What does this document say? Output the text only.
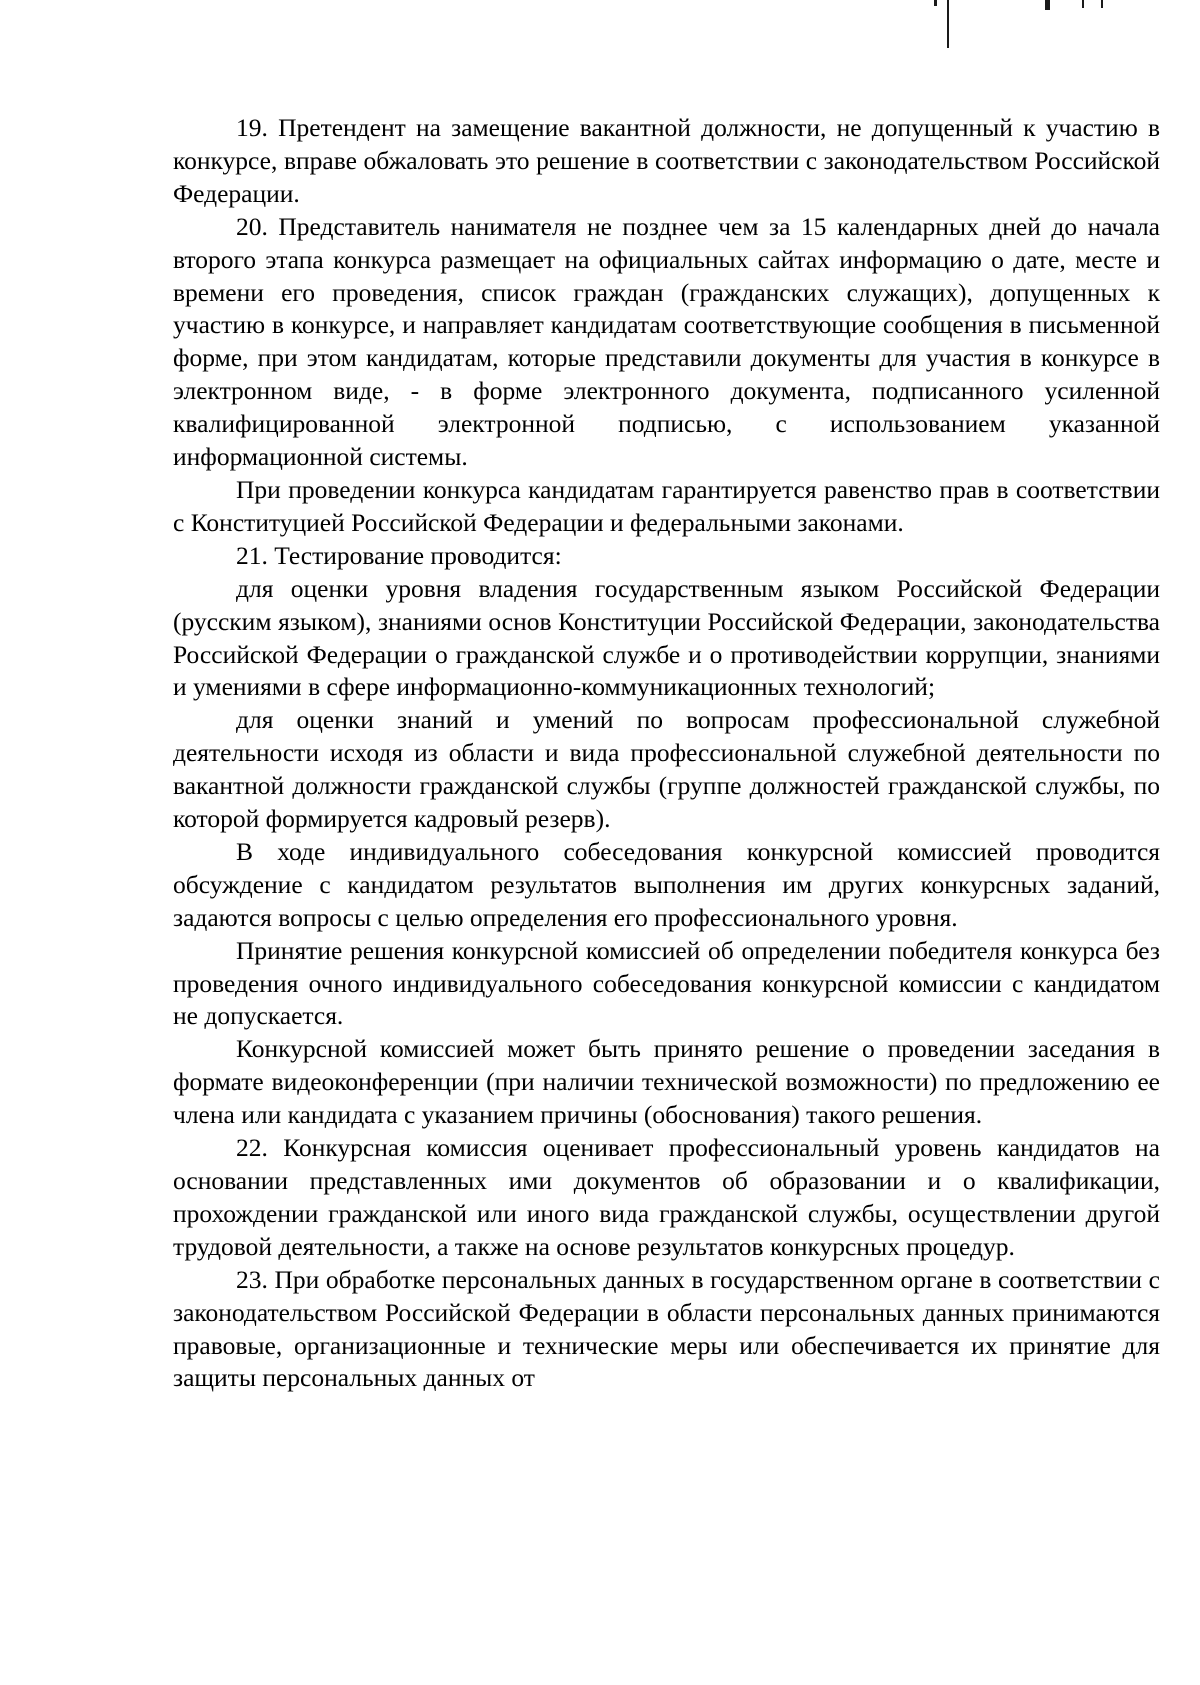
19. Претендент на замещение вакантной должности, не допущенный к участию в конкурсе, вправе обжаловать это решение в соответствии с законодательством Российской Федерации.

20. Представитель нанимателя не позднее чем за 15 календарных дней до начала второго этапа конкурса размещает на официальных сайтах информацию о дате, месте и времени его проведения, список граждан (гражданских служащих), допущенных к участию в конкурсе, и направляет кандидатам соответствующие сообщения в письменной форме, при этом кандидатам, которые представили документы для участия в конкурсе в электронном виде, - в форме электронного документа, подписанного усиленной квалифицированной электронной подписью, с использованием указанной информационной системы.

При проведении конкурса кандидатам гарантируется равенство прав в соответствии с Конституцией Российской Федерации и федеральными законами.

21. Тестирование проводится:

для оценки уровня владения государственным языком Российской Федерации (русским языком), знаниями основ Конституции Российской Федерации, законодательства Российской Федерации о гражданской службе и о противодействии коррупции, знаниями и умениями в сфере информационно-коммуникационных технологий;

для оценки знаний и умений по вопросам профессиональной служебной деятельности исходя из области и вида профессиональной служебной деятельности по вакантной должности гражданской службы (группе должностей гражданской службы, по которой формируется кадровый резерв).

В ходе индивидуального собеседования конкурсной комиссией проводится обсуждение с кандидатом результатов выполнения им других конкурсных заданий, задаются вопросы с целью определения его профессионального уровня.

Принятие решения конкурсной комиссией об определении победителя конкурса без проведения очного индивидуального собеседования конкурсной комиссии с кандидатом не допускается.

Конкурсной комиссией может быть принято решение о проведении заседания в формате видеоконференции (при наличии технической возможности) по предложению ее члена или кандидата с указанием причины (обоснования) такого решения.

22. Конкурсная комиссия оценивает профессиональный уровень кандидатов на основании представленных ими документов об образовании и о квалификации, прохождении гражданской или иного вида гражданской службы, осуществлении другой трудовой деятельности, а также на основе результатов конкурсных процедур.

23. При обработке персональных данных в государственном органе в соответствии с законодательством Российской Федерации в области персональных данных принимаются правовые, организационные и технические меры или обеспечивается их принятие для защиты персональных данных от
